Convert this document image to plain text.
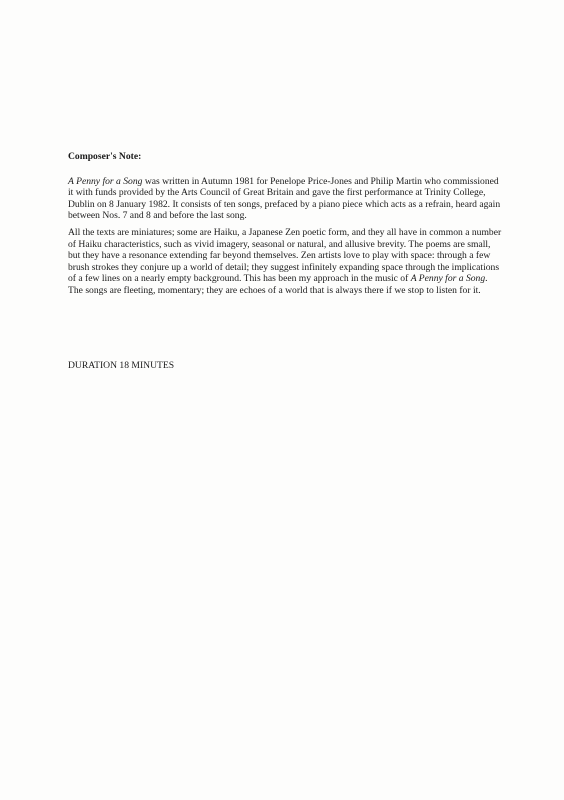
Composer's Note:

A Penny for a Song was written in Autumn 1981 for Penelope Price-Jones and Philip Martin who commissioned it with funds provided by the Arts Council of Great Britain and gave the first performance at Trinity College, Dublin on 8 January 1982. It consists of ten songs, prefaced by a piano piece which acts as a refrain, heard again between Nos. 7 and 8 and before the last song.

All the texts are miniatures; some are Haiku, a Japanese Zen poetic form, and they all have in common a number of Haiku characteristics, such as vivid imagery, seasonal or natural, and allusive brevity. The poems are small, but they have a resonance extending far beyond themselves. Zen artists love to play with space: through a few brush strokes they conjure up a world of detail; they suggest infinitely expanding space through the implications of a few lines on a nearly empty background. This has been my approach in the music of A Penny for a Song. The songs are fleeting, momentary; they are echoes of a world that is always there if we stop to listen for it.

DURATION 18 MINUTES
